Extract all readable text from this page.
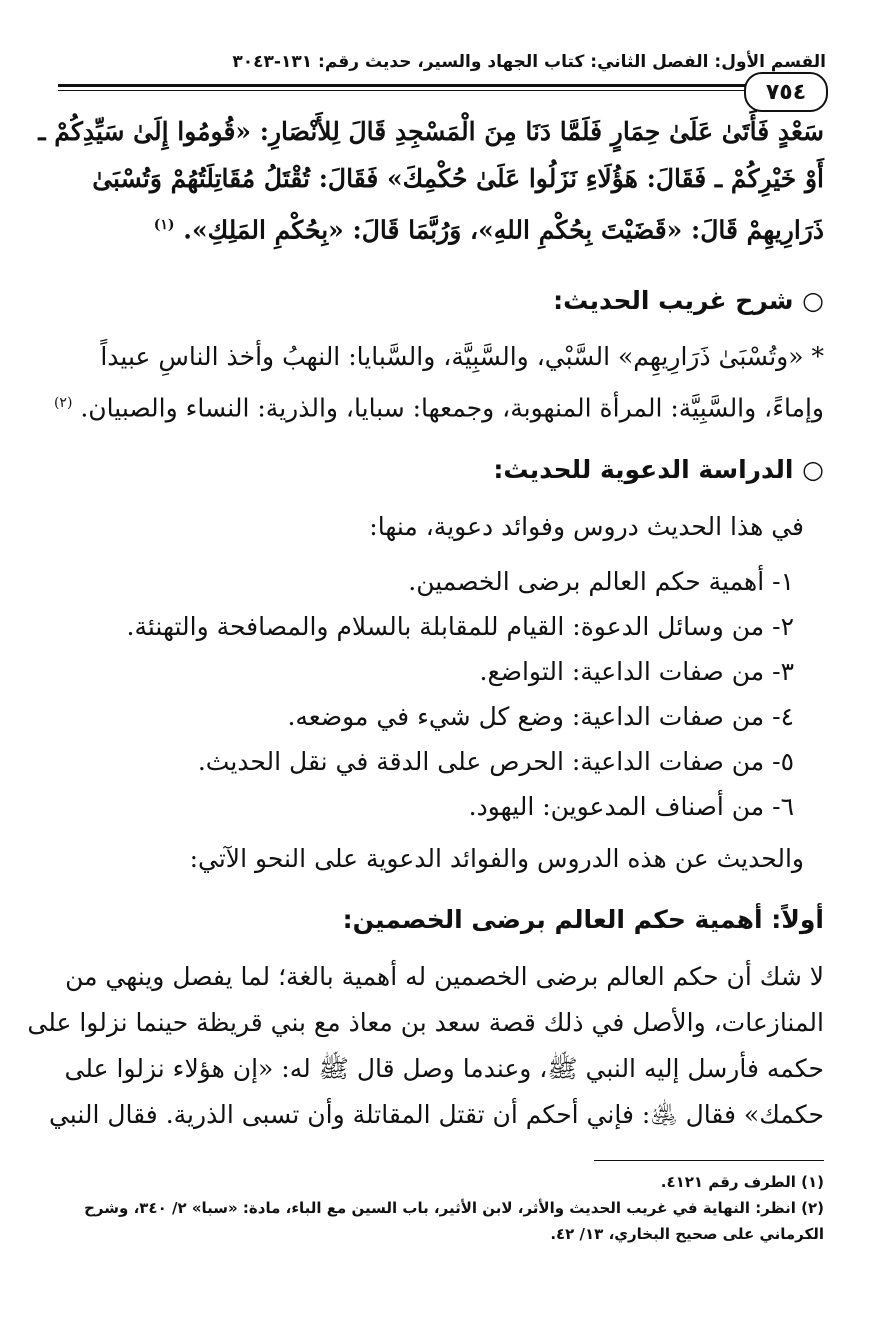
القسم الأول: الفصل الثاني: كتاب الجهاد والسير، حديث رقم: ١٣١-٣٠٤٣
٧٥٤
سَعْدٍ فَأَتَىٰ عَلَىٰ حِمَارٍ فَلَمَّا دَنَا مِنَ الْمَسْجِدِ قَالَ لِلأَنْصَارِ: «قُومُوا إِلَىٰ سَيِّدِكُمْ ـ
أَوْ خَيْرِكُمْ ـ فَقَالَ: هَؤُلَاءِ نَزَلُوا عَلَىٰ حُكْمِكَ» فَقَالَ: تُقْتَلُ مُقَاتِلَتُهُمْ وَتُسْبَىٰ
ذَرَارِيهِمْ قَالَ: «قَضَيْتَ بِحُكْمِ اللهِ»، وَرُبَّمَا قَالَ: «بِحُكْمِ المَلِكِ». $^{(١)}$
○ شرح غريب الحديث:
* «وتُسْبَىٰ ذَرَارِيهِم» السَّبْي، والسَّبِيَّة، والسَّبايا: النهبُ وأخذ الناسِ عبيداً
وإماءً، والسَّبِيَّة: المرأة المنهوبة، وجمعها: سبايا، والذرية: النساء والصبيان. $^{(٢)}$
○ الدراسة الدعوية للحديث:
في هذا الحديث دروس وفوائد دعوية، منها:
١- أهمية حكم العالم برضى الخصمين.
٢- من وسائل الدعوة: القيام للمقابلة بالسلام والمصافحة والتهنئة.
٣- من صفات الداعية: التواضع.
٤- من صفات الداعية: وضع كل شيء في موضعه.
٥- من صفات الداعية: الحرص على الدقة في نقل الحديث.
٦- من أصناف المدعوين: اليهود.
والحديث عن هذه الدروس والفوائد الدعوية على النحو الآتي:
أولاً: أهمية حكم العالم برضى الخصمين:
لا شك أن حكم العالم برضى الخصمين له أهمية بالغة؛ لما يفصل وينهي من
المنازعات، والأصل في ذلك قصة سعد بن معاذ مع بني قريظة حينما نزلوا على
حكمه فأرسل إليه النبي ﷺ، وعندما وصل قال ﷺ له: «إن هؤلاء نزلوا على
حكمك» فقال ﵁: فإني أحكم أن تقتل المقاتلة وأن تسبى الذرية. فقال النبي
(١) الطرف رقم ٤١٢١.
(٢) انظر: النهاية في غريب الحديث والأثر، لابن الأثير، باب السين مع الباء، مادة: «سبا» ٢/ ٣٤٠، وشرح
الكرماني على صحيح البخاري، ١٣/ ٤٢.
